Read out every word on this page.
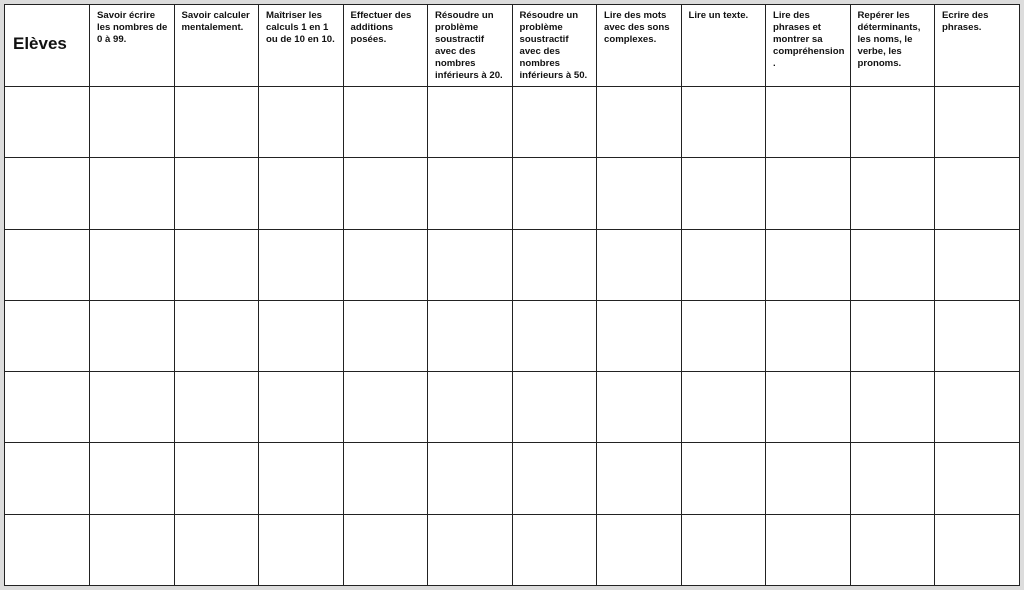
Elèves	Savoir écrire les nombres de 0 à 99.	Savoir calculer mentalement.	Maîtriser les calculs 1 en 1 ou de 10 en 10.	Effectuer des additions posées.	Résoudre un problème soustractif avec des nombres inférieurs à 20.	Résoudre un problème soustractif avec des nombres inférieurs à 50.	Lire des mots avec des sons complexes.	Lire un texte.	Lire des phrases et montrer sa compréhension .	Repérer les déterminants, les noms, le verbe, les pronoms.	Ecrire des phrases.
